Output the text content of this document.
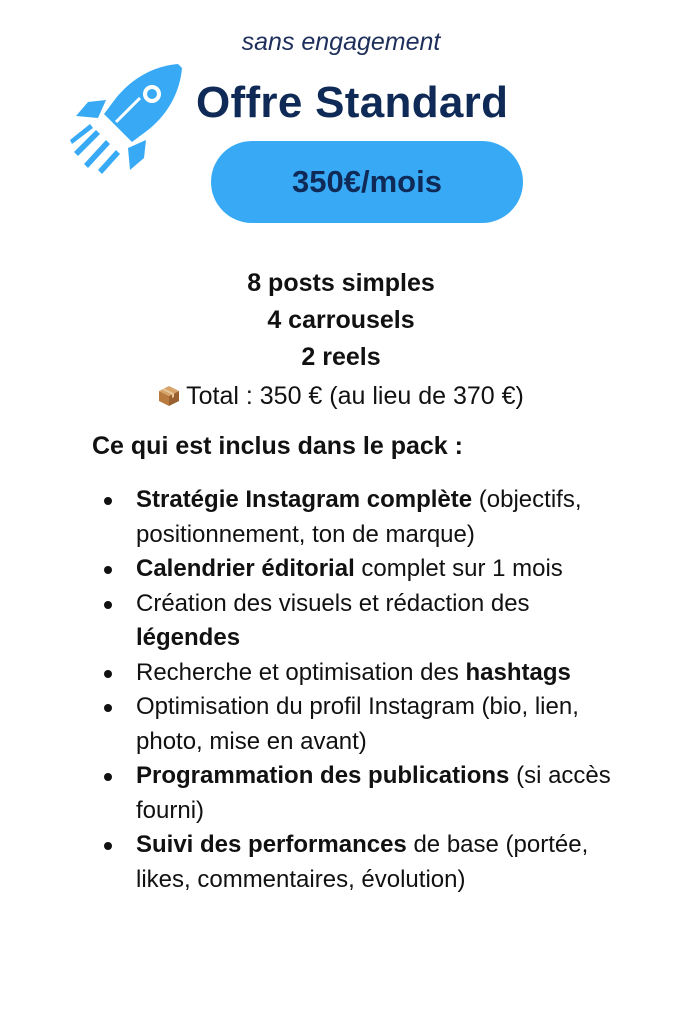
sans engagement

Offre Standard
350€/mois

8 posts simples

4 carrousels

2 reels

Total : 350 € (au lieu de 370 €)

Ce qui est inclus dans le pack :
Stratégie Instagram complète (objectifs, positionnement, ton de marque)
Calendrier éditorial complet sur 1 mois
Création des visuels et rédaction des légendes
Recherche et optimisation des hashtags
Optimisation du profil Instagram (bio, lien, photo, mise en avant)
Programmation des publications (si accès fourni)
Suivi des performances de base (portée, likes, commentaires, évolution)
